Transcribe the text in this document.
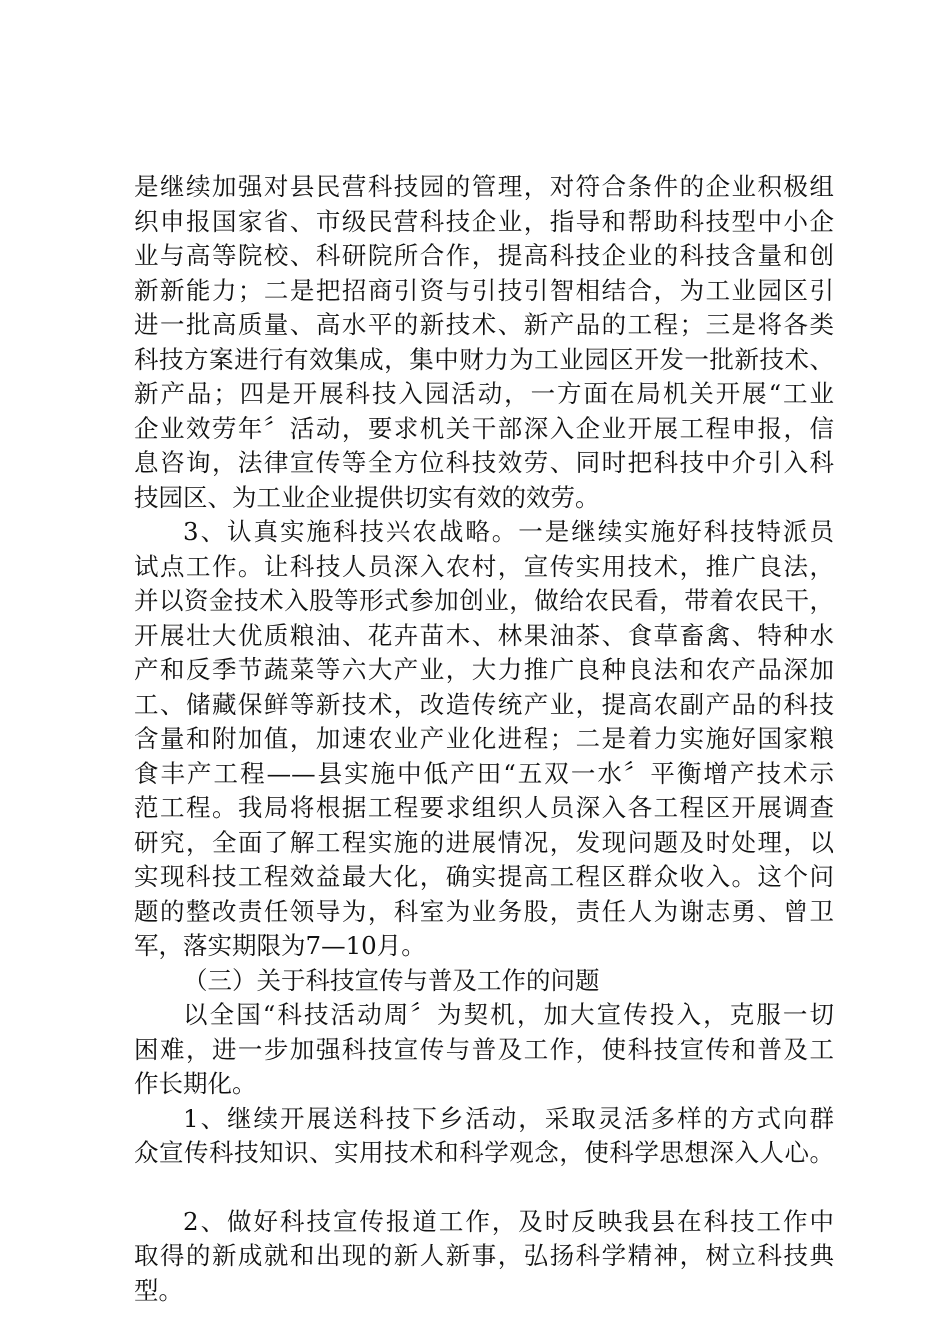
是继续加强对县民营科技园的管理，对符合条件的企业积极组
织申报国家省、市级民营科技企业，指导和帮助科技型中小企
业与高等院校、科研院所合作，提高科技企业的科技含量和创
新新能力；二是把招商引资与引技引智相结合，为工业园区引
进一批高质量、高水平的新技术、新产品的工程；三是将各类
科技方案进行有效集成，集中财力为工业园区开发一批新技术、
新产品；四是开展科技入园活动，一方面在局机关开展“工业
企业效劳年〞活动，要求机关干部深入企业开展工程申报，信
息咨询，法律宣传等全方位科技效劳、同时把科技中介引入科
技园区、为工业企业提供切实有效的效劳。
3、认真实施科技兴农战略。一是继续实施好科技特派员
试点工作。让科技人员深入农村，宣传实用技术，推广良法，
并以资金技术入股等形式参加创业，做给农民看，带着农民干，
开展壮大优质粮油、花卉苗木、林果油茶、食草畜禽、特种水
产和反季节蔬菜等六大产业，大力推广良种良法和农产品深加
工、储藏保鲜等新技术，改造传统产业，提高农副产品的科技
含量和附加值，加速农业产业化进程；二是着力实施好国家粮
食丰产工程——县实施中低产田“五双一水〞平衡增产技术示
范工程。我局将根据工程要求组织人员深入各工程区开展调查
研究，全面了解工程实施的进展情况，发现问题及时处理，以
实现科技工程效益最大化，确实提高工程区群众收入。这个问
题的整改责任领导为，科室为业务股，责任人为谢志勇、曾卫
军，落实期限为7—10月。
（三）关于科技宣传与普及工作的问题
以全国“科技活动周〞为契机，加大宣传投入，克服一切
困难，进一步加强科技宣传与普及工作，使科技宣传和普及工
作长期化。
1、继续开展送科技下乡活动，采取灵活多样的方式向群
众宣传科技知识、实用技术和科学观念，使科学思想深入人心。
2、做好科技宣传报道工作，及时反映我县在科技工作中
取得的新成就和出现的新人新事，弘扬科学精神，树立科技典
型。
